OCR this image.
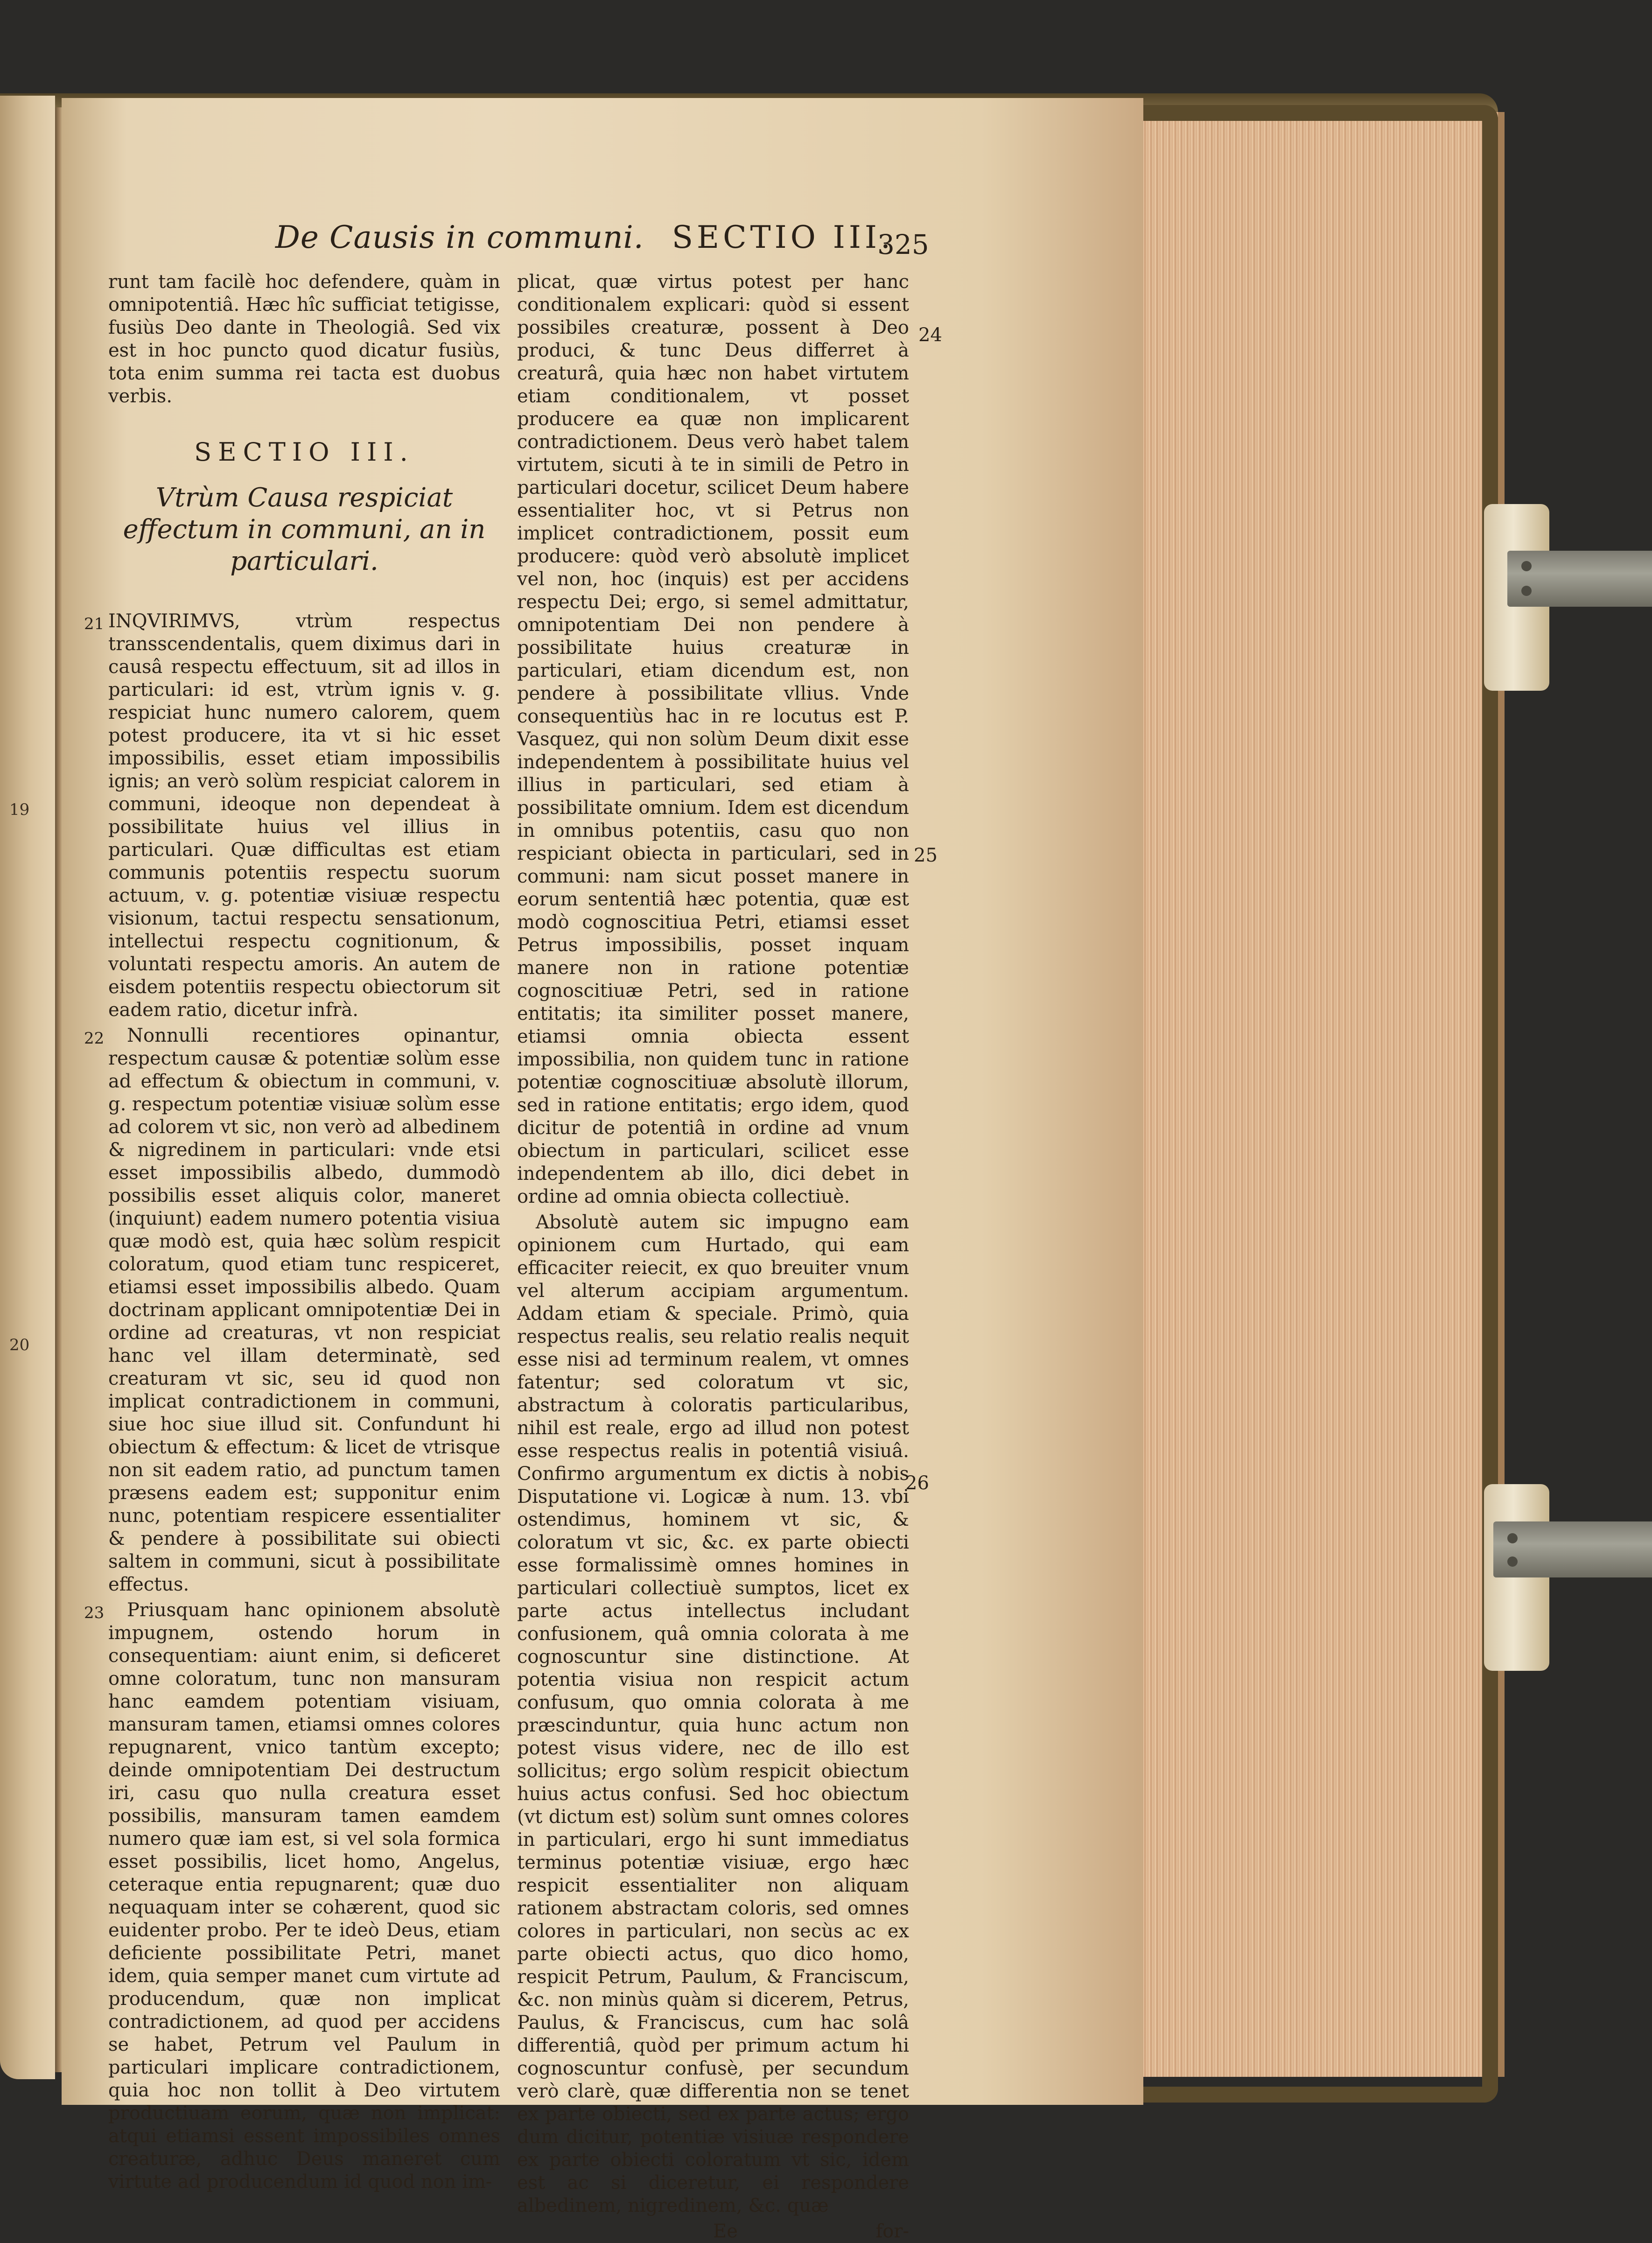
19
20
De Causis in communi. SECTIO III.
325
24
25
26

runt tam facilè hoc defendere, quàm in omnipotentiâ. Hæc hîc sufficiat tetigisse, fusiùs Deo dante in Theologiâ. Sed vix est in hoc puncto quod dicatur fusiùs, tota enim summa rei tacta est duobus verbis.

SECTIO III.
Vtrùm Causa respiciat effectum in communi, an in particulari.
21 INQVIRIMVS, vtrùm respectus transscendentalis, quem diximus dari in causâ respectu effectuum, sit ad illos in particulari: id est, vtrùm ignis v. g. respiciat hunc numero calorem, quem potest producere, ita vt si hic esset impossibilis, esset etiam impossibilis ignis; an verò solùm respiciat calorem in communi, ideoque non dependeat à possibilitate huius vel illius in particulari. Quæ difficultas est etiam communis potentiis respectu suorum actuum, v. g. potentiæ visiuæ respectu visionum, tactui respectu sensationum, intellectui respectu cognitionum, & voluntati respectu amoris. An autem de eisdem potentiis respectu obiectorum sit eadem ratio, dicetur infrà.

22	Nonnulli recentiores opinantur, respectum causæ & potentiæ solùm esse ad effectum & obiectum in communi, v. g. respectum potentiæ visiuæ solùm esse ad colorem vt sic, non verò ad albedinem & nigredinem in particulari: vnde etsi esset impossibilis albedo, dummodò possibilis esset aliquis color, maneret (inquiunt) eadem numero potentia visiua quæ modò est, quia hæc solùm respicit coloratum, quod etiam tunc respiceret, etiamsi esset impossibilis albedo. Quam doctrinam applicant omnipotentiæ Dei in ordine ad creaturas, vt non respiciat hanc vel illam determinatè, sed creaturam vt sic, seu id quod non implicat contradictionem in communi, siue hoc siue illud sit. Confundunt hi obiectum & effectum: & licet de vtrisque non sit eadem ratio, ad punctum tamen præsens eadem est; supponitur enim nunc, potentiam respicere essentialiter & pendere à possibilitate sui obiecti saltem in communi, sicut à possibilitate effectus.

23	Priusquam hanc opinionem absolutè impugnem, ostendo horum in consequentiam: aiunt enim, si deficeret omne coloratum, tunc non mansuram hanc eamdem potentiam visiuam, mansuram tamen, etiamsi omnes colores repugnarent, vnico tantùm excepto; deinde omnipotentiam Dei destructum iri, casu quo nulla creatura esset possibilis, mansuram tamen eamdem numero quæ iam est, si vel sola formica esset possibilis, licet homo, Angelus, ceteraque entia repugnarent; quæ duo nequaquam inter se cohærent, quod sic euidenter probo. Per te ideò Deus, etiam deficiente possibilitate Petri, manet idem, quia semper manet cum virtute ad producendum, quæ non implicat contradictionem, ad quod per accidens se habet, Petrum vel Paulum in particulari implicare contradictionem, quia hoc non tollit à Deo virtutem productiuam eorum, quæ non implicat: atqui etiamsi essent impossibiles omnes creaturæ, adhuc Deus maneret cum virtute ad producendum id quod non im-

plicat, quæ virtus potest per hanc conditionalem explicari: quòd si essent possibiles creaturæ, possent à Deo produci, & tunc Deus differret à creaturâ, quia hæc non habet virtutem etiam conditionalem, vt posset producere ea quæ non implicarent contradictionem. Deus verò habet talem virtutem, sicuti à te in simili de Petro in particulari docetur, scilicet Deum habere essentialiter hoc, vt si Petrus non implicet contradictionem, possit eum producere: quòd verò absolutè implicet vel non, hoc (inquis) est per accidens respectu Dei; ergo, si semel admittatur, omnipotentiam Dei non pendere à possibilitate huius creaturæ in particulari, etiam dicendum est, non pendere à possibilitate vllius. Vnde consequentiùs hac in re locutus est P. Vasquez, qui non solùm Deum dixit esse independentem à possibilitate huius vel illius in particulari, sed etiam à possibilitate omnium. Idem est dicendum in omnibus potentiis, casu quo non respiciant obiecta in particulari, sed in communi: nam sicut posset manere in eorum sententiâ hæc potentia, quæ est modò cognoscitiua Petri, etiamsi esset Petrus impossibilis, posset inquam manere non in ratione potentiæ cognoscitiuæ Petri, sed in ratione entitatis; ita similiter posset manere, etiamsi omnia obiecta essent impossibilia, non quidem tunc in ratione potentiæ cognoscitiuæ absolutè illorum, sed in ratione entitatis; ergo idem, quod dicitur de potentiâ in ordine ad vnum obiectum in particulari, scilicet esse independentem ab illo, dici debet in ordine ad omnia obiecta collectiuè.

Absolutè autem sic impugno eam opinionem cum Hurtado, qui eam efficaciter reiecit, ex quo breuiter vnum vel alterum accipiam argumentum. Addam etiam & speciale. Primò, quia respectus realis, seu relatio realis nequit esse nisi ad terminum realem, vt omnes fatentur; sed coloratum vt sic, abstractum à coloratis particularibus, nihil est reale, ergo ad illud non potest esse respectus realis in potentiâ visiuâ. Confirmo argumentum ex dictis à nobis Disputatione vi. Logicæ à num. 13. vbi ostendimus, hominem vt sic, & coloratum vt sic, &c. ex parte obiecti esse formalissimè omnes homines in particulari collectiuè sumptos, licet ex parte actus intellectus includant confusionem, quâ omnia colorata à me cognoscuntur sine distinctione. At potentia visiua non respicit actum confusum, quo omnia colorata à me præscinduntur, quia hunc actum non potest visus videre, nec de illo est sollicitus; ergo solùm respicit obiectum huius actus confusi. Sed hoc obiectum (vt dictum est) solùm sunt omnes colores in particulari, ergo hi sunt immediatus terminus potentiæ visiuæ, ergo hæc respicit essentialiter non aliquam rationem abstractam coloris, sed omnes colores in particulari, non secùs ac ex parte obiecti actus, quo dico homo, respicit Petrum, Paulum, & Franciscum, &c. non minùs quàm si dicerem, Petrus, Paulus, & Franciscus, cum hac solâ differentiâ, quòd per primum actum hi cognoscuntur confusè, per secundum verò clarè, quæ differentia non se tenet ex parte obiecti, sed ex parte actus; ergo dum dicitur, potentiæ visiuæ respondere ex parte obiecti coloratum vt sic, idem est ac si diceretur, ei respondere albedinem, nigredinem, &c. quæ

Ee	for-
